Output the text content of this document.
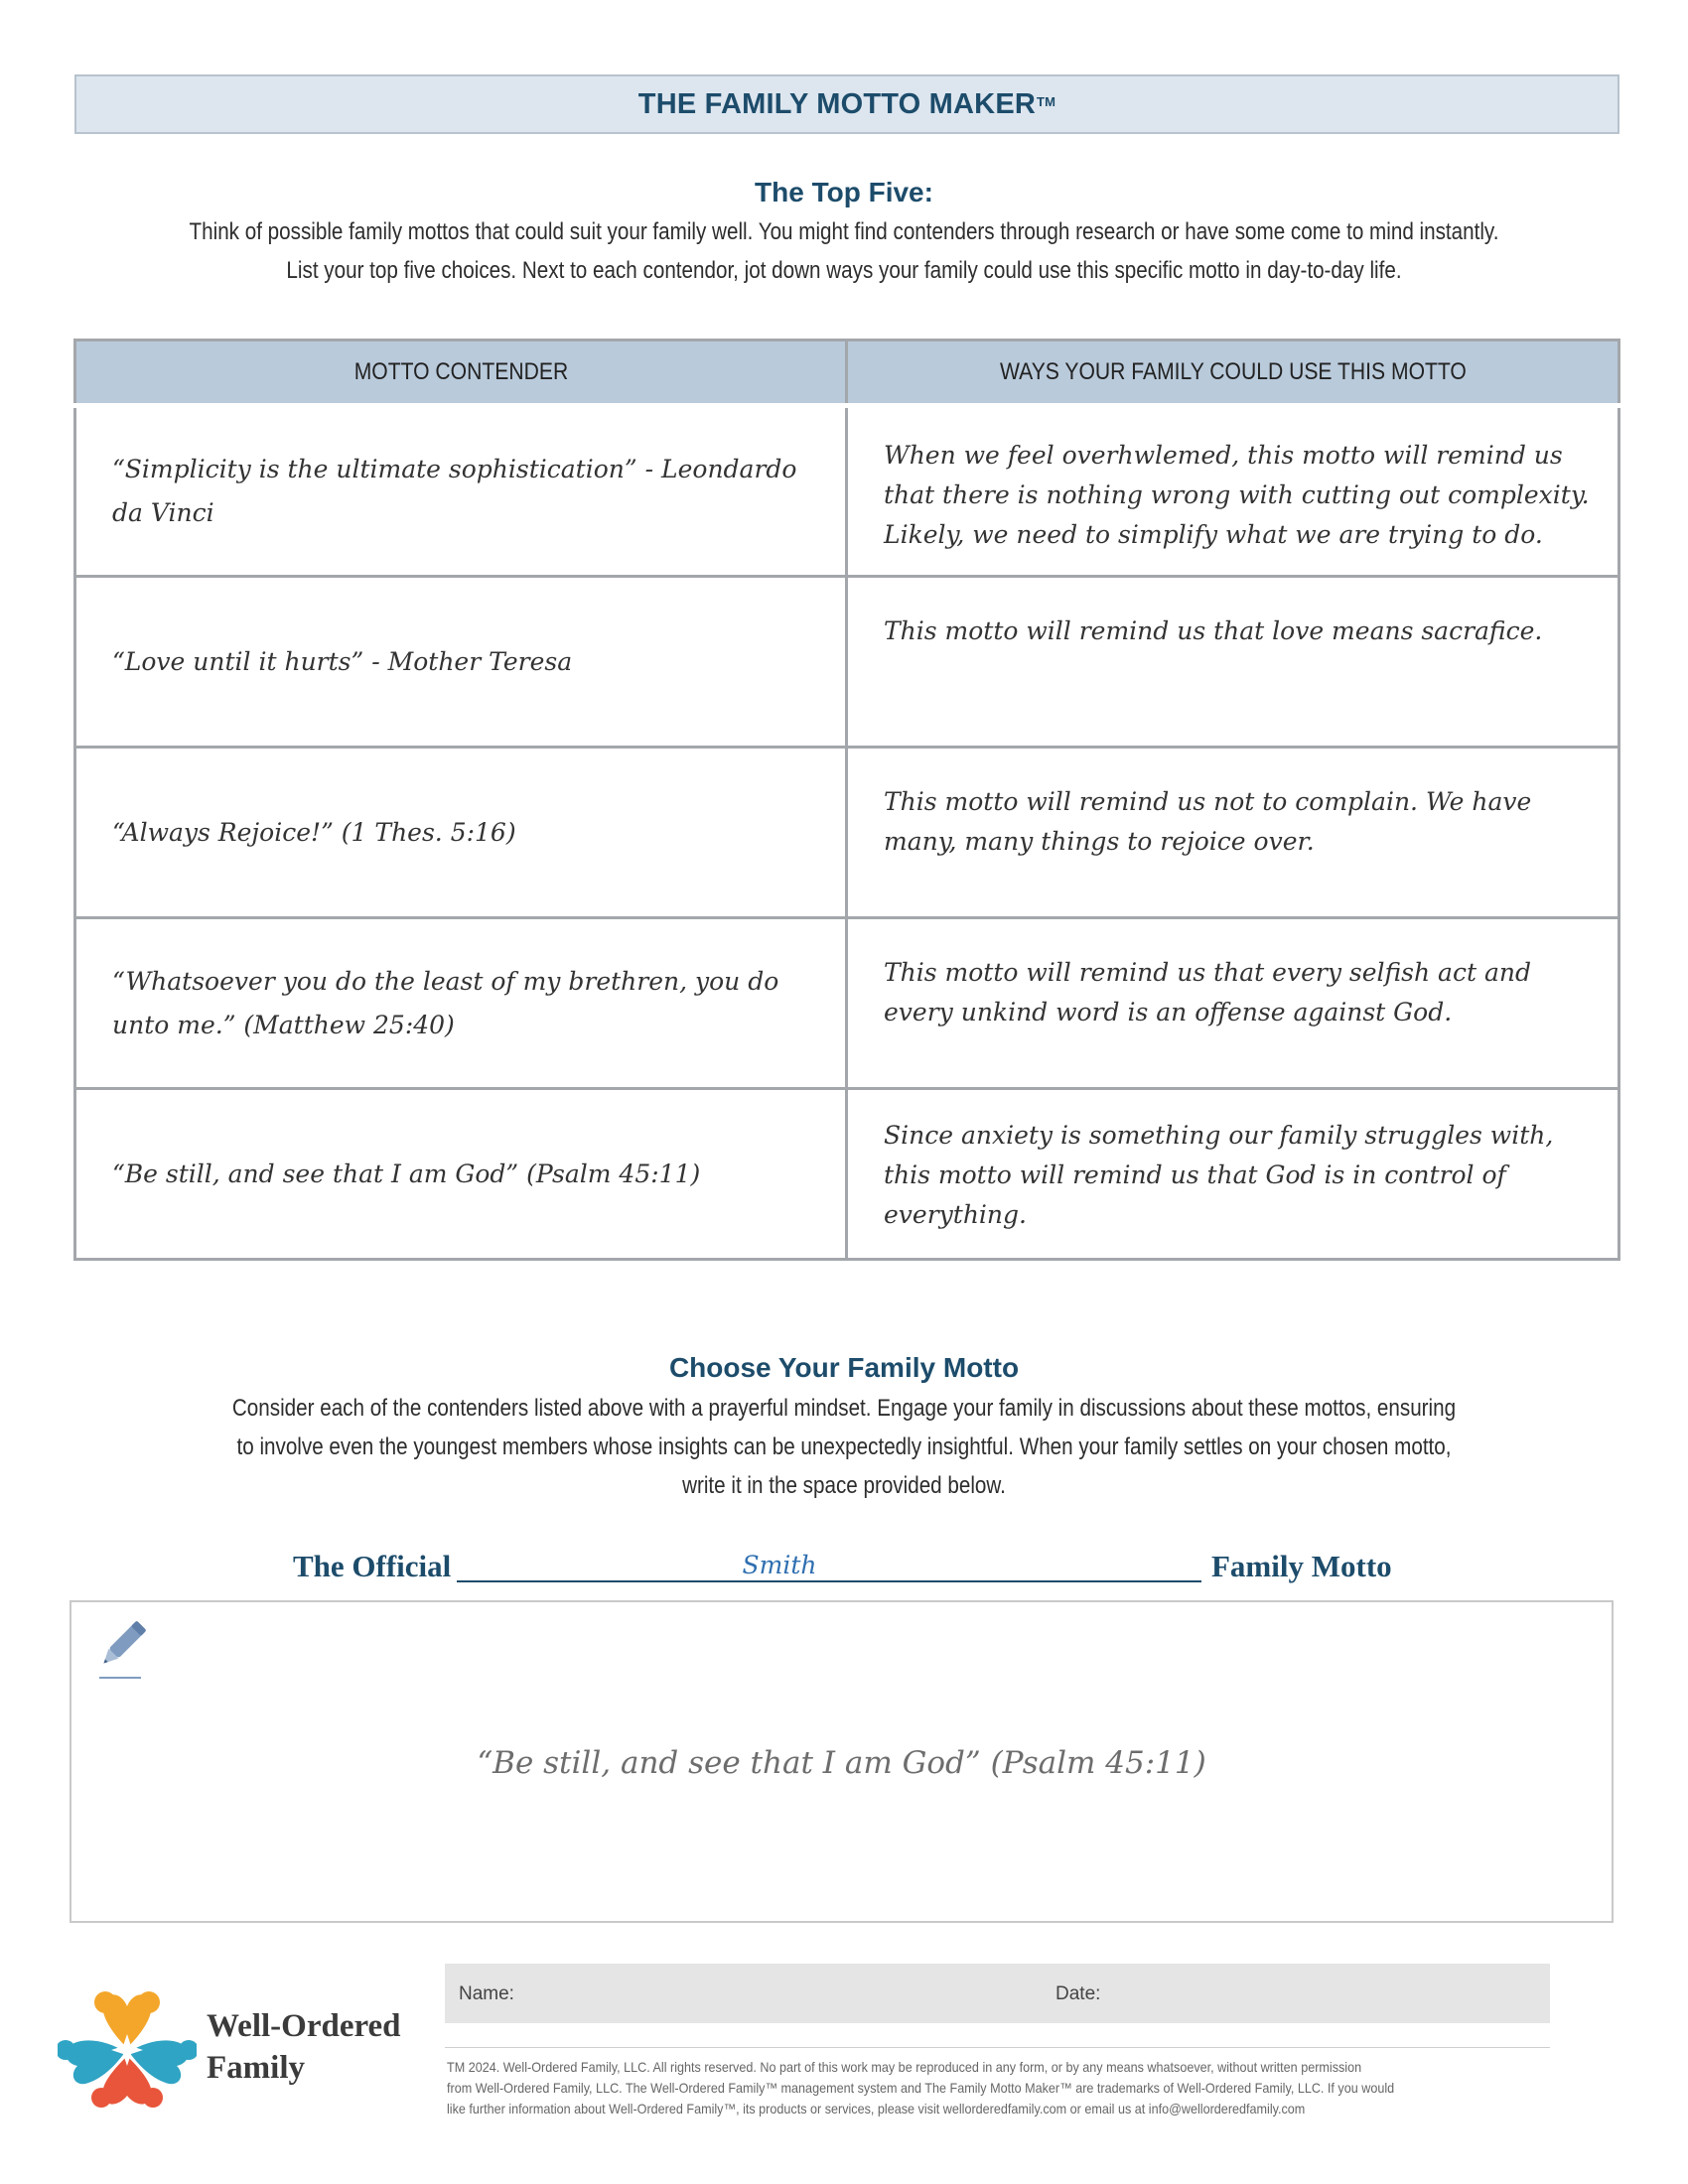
THE FAMILY MOTTO MAKER™
The Top Five:

Think of possible family mottos that could suit your family well. You might find contenders through research or have some come to mind instantly.

List your top five choices. Next to each contendor, jot down ways your family could use this specific motto in day-to-day life.

MOTTO CONTENDER	WAYS YOUR FAMILY COULD USE THIS MOTTO
“Simplicity is the ultimate sophistication” - Leondardo da Vinci	When we feel overhwlemed, this motto will remind us that there is nothing wrong with cutting out complexity. Likely, we need to simplify what we are trying to do.
“Love until it hurts” - Mother Teresa	This motto will remind us that love means sacrafice.
“Always Rejoice!” (1 Thes. 5:16)	This motto will remind us not to complain. We have many, many things to rejoice over.
“Whatsoever you do the least of my brethren, you do unto me.” (Matthew 25:40)	This motto will remind us that every selfish act and every unkind word is an offense against God.
“Be still, and see that I am God” (Psalm 45:11)	Since anxiety is something our family struggles with, this motto will remind us that God is in control of everything.
Choose Your Family Motto

Consider each of the contenders listed above with a prayerful mindset. Engage your family in discussions about these mottos, ensuring

to involve even the youngest members whose insights can be unexpectedly insightful. When your family settles on your chosen motto,

write it in the space provided below.

The Official	Smith	Family Motto
“Be still, and see that I am God” (Psalm 45:11)
Well-Ordered
Family
Name:	Date:

TM 2024. Well-Ordered Family, LLC. All rights reserved. No part of this work may be reproduced in any form, or by any means whatsoever, without written permission

from Well-Ordered Family, LLC. The Well-Ordered Family™ management system and The Family Motto Maker™ are trademarks of Well-Ordered Family, LLC. If you would

like further information about Well-Ordered Family™, its products or services, please visit wellorderedfamily.com or email us at info@wellorderedfamily.com
